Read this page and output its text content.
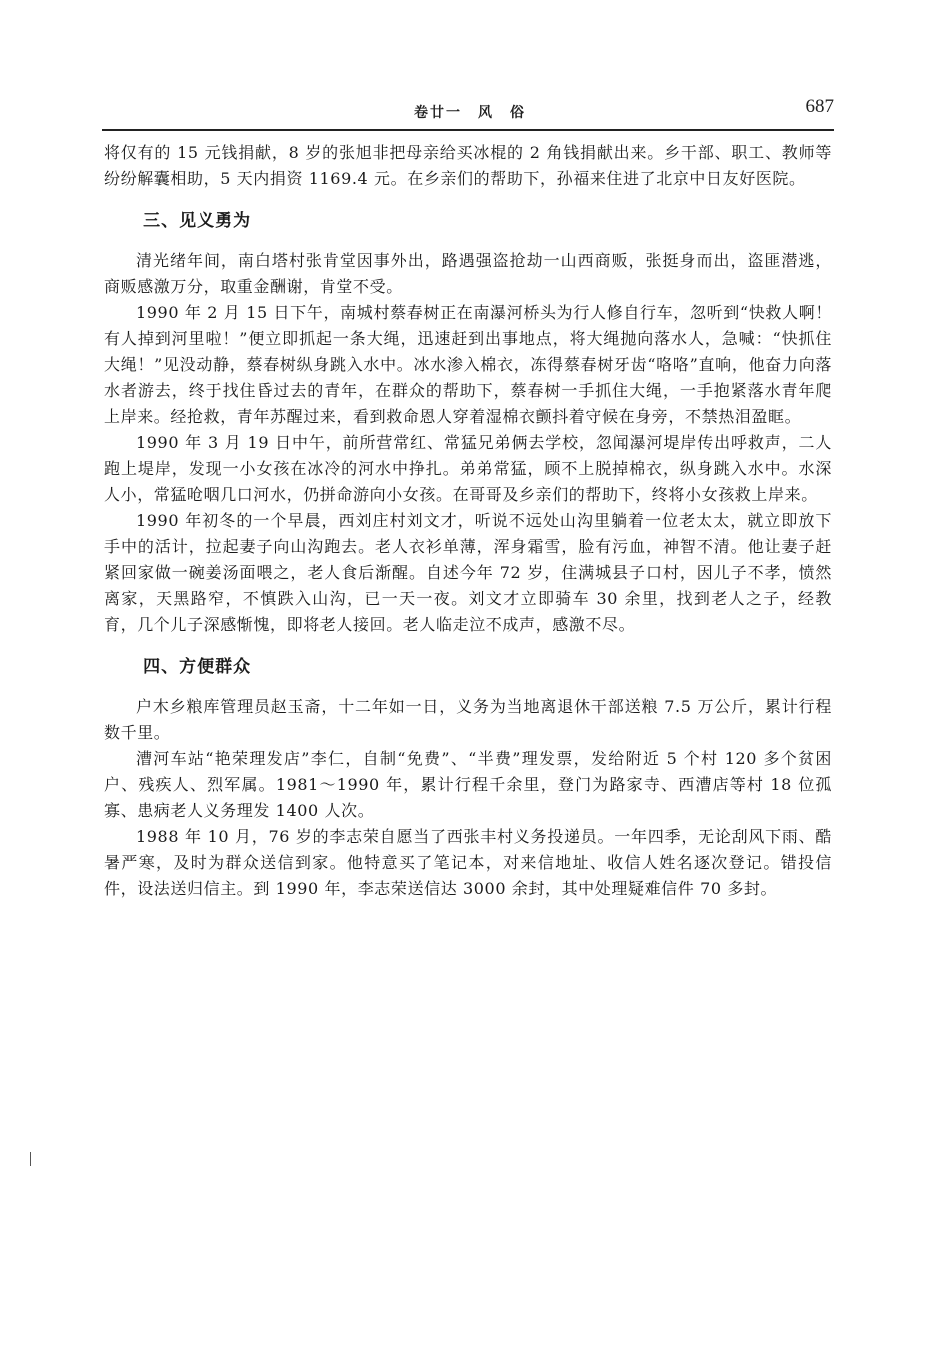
卷廿一　风　俗	687

将仅有的 15 元钱捐献，8 岁的张旭非把母亲给买冰棍的 2 角钱捐献出来。乡干部、职工、教师等纷纷解囊相助，5 天内捐资 1169.4 元。在乡亲们的帮助下，孙福来住进了北京中日友好医院。

三、见义勇为

清光绪年间，南白塔村张肯堂因事外出，路遇强盗抢劫一山西商贩，张挺身而出，盗匪潜逃，商贩感激万分，取重金酬谢，肯堂不受。

1990 年 2 月 15 日下午，南城村蔡春树正在南瀑河桥头为行人修自行车，忽听到“快救人啊！有人掉到河里啦！”便立即抓起一条大绳，迅速赶到出事地点，将大绳抛向落水人，急喊：“快抓住大绳！”见没动静，蔡春树纵身跳入水中。冰水渗入棉衣，冻得蔡春树牙齿“咯咯”直响，他奋力向落水者游去，终于找住昏过去的青年，在群众的帮助下，蔡春树一手抓住大绳，一手抱紧落水青年爬上岸来。经抢救，青年苏醒过来，看到救命恩人穿着湿棉衣颤抖着守候在身旁，不禁热泪盈眶。

1990 年 3 月 19 日中午，前所营常红、常猛兄弟俩去学校，忽闻瀑河堤岸传出呼救声，二人跑上堤岸，发现一小女孩在冰冷的河水中挣扎。弟弟常猛，顾不上脱掉棉衣，纵身跳入水中。水深人小，常猛呛咽几口河水，仍拼命游向小女孩。在哥哥及乡亲们的帮助下，终将小女孩救上岸来。

1990 年初冬的一个早晨，西刘庄村刘文才，听说不远处山沟里躺着一位老太太，就立即放下手中的活计，拉起妻子向山沟跑去。老人衣衫单薄，浑身霜雪，脸有污血，神智不清。他让妻子赶紧回家做一碗姜汤面喂之，老人食后渐醒。自述今年 72 岁，住满城县子口村，因儿子不孝，愤然离家，天黑路窄，不慎跌入山沟，已一天一夜。刘文才立即骑车 30 余里，找到老人之子，经教育，几个儿子深感惭愧，即将老人接回。老人临走泣不成声，感激不尽。

四、方便群众

户木乡粮库管理员赵玉斋，十二年如一日，义务为当地离退休干部送粮 7.5 万公斤，累计行程数千里。

漕河车站“艳荣理发店”李仁，自制“免费”、“半费”理发票，发给附近 5 个村 120 多个贫困户、残疾人、烈军属。1981～1990 年，累计行程千余里，登门为路家寺、西漕店等村 18 位孤寡、患病老人义务理发 1400 人次。

1988 年 10 月，76 岁的李志荣自愿当了西张丰村义务投递员。一年四季，无论刮风下雨、酷暑严寒，及时为群众送信到家。他特意买了笔记本，对来信地址、收信人姓名逐次登记。错投信件，设法送归信主。到 1990 年，李志荣送信达 3000 余封，其中处理疑难信件 70 多封。
